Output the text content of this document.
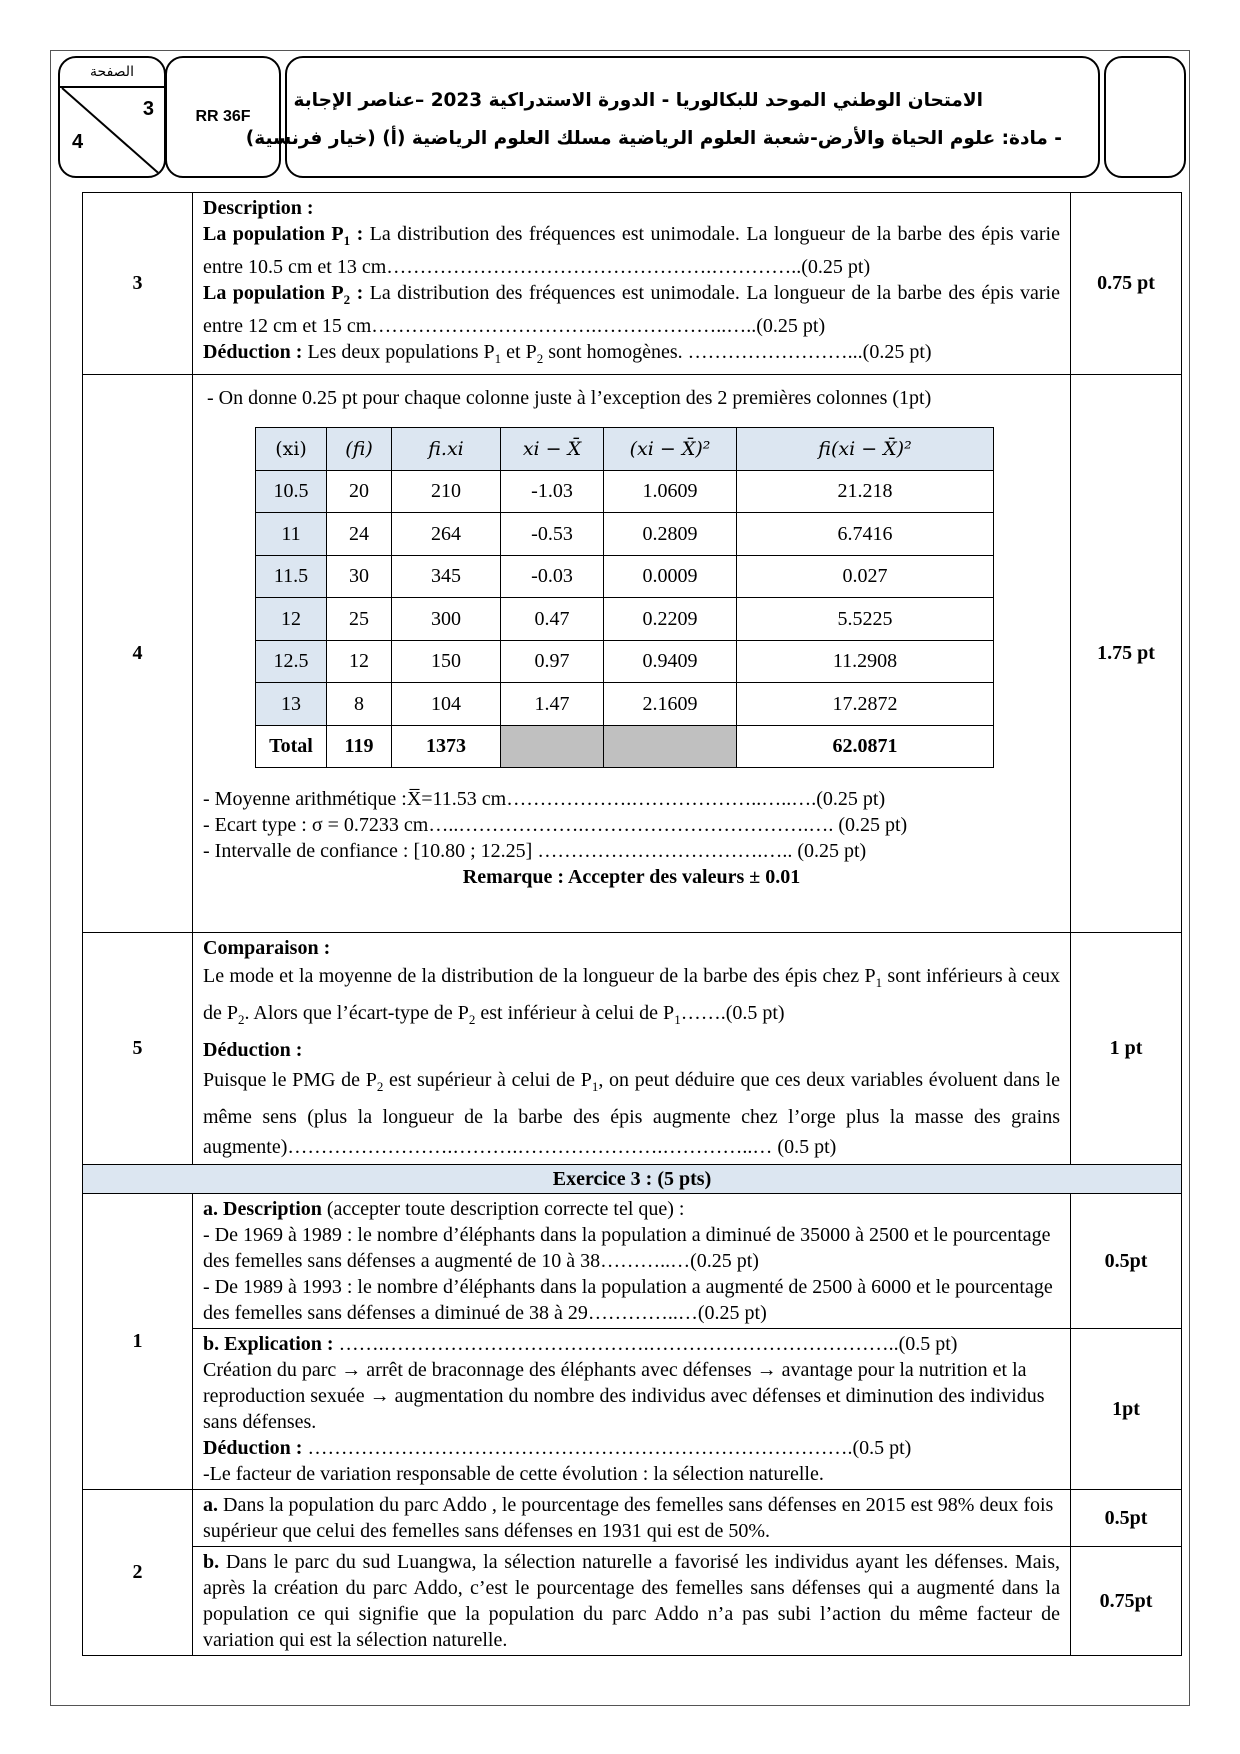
الصفحة
3
4
RR 36F
الامتحان الوطني الموحد للبكالوريا - الدورة الاستدراكية 2023 –عناصر الإجابة
- مادة: علوم الحياة والأرض-شعبة العلوم الرياضية مسلك العلوم الرياضية (أ) (خيار فرنسية)
3	
Description :
La population $P_1$ : La distribution des fréquences est unimodale. La longueur de la barbe des épis varie entre 10.5 cm et 13 cm………………………………………….…………..(0.25 pt)
La population $P_2$ : La distribution des fréquences est unimodale. La longueur de la barbe des épis varie entre 12 cm et 15 cm…………………………….………………..…..(0.25 pt)
Déduction : Les deux populations $P_1$ et $P_2$ sont homogènes. ……………………...(0.25 pt)
	0.75 pt
4	
- On donne 0.25 pt pour chaque colonne juste à l’exception des 2 premières colonnes (1pt)
(xi)	(fi)	fi.xi	xi − X̄	(xi − X̄)²	fi(xi − X̄)²
10.5	20	210	-1.03	1.0609	21.218
11	24	264	-0.53	0.2809	6.7416
11.5	30	345	-0.03	0.0009	0.027
12	25	300	0.47	0.2209	5.5225
12.5	12	150	0.97	0.9409	11.2908
13	8	104	1.47	2.1609	17.2872
Total	119	1373			62.0871
- Moyenne arithmétique :X̅=11.53 cm……………….………………..…..….(0.25 pt)
- Ecart type : σ = 0.7233 cm…..……………….…………………………….…. (0.25 pt)
- Intervalle de confiance : [10.80 ; 12.25] …………………………….….. (0.25 pt)
Remarque : Accepter des valeurs ± 0.01
	1.75 pt
5	
Comparaison :
Le mode et la moyenne de la distribution de la longueur de la barbe des épis chez $P_1$ sont inférieurs à ceux de $P_2$. Alors que l’écart-type de $P_2$ est inférieur à celui de $P_1\dots\dots.(0.5$ pt)
Déduction :
Puisque le PMG de $P_2$ est supérieur à celui de $P_1$, on peut déduire que ces deux variables évoluent dans le même sens (plus la longueur de la barbe des épis augmente chez l’orge plus la masse des grains augmente)…………………….……….………………….…………..… (0.5 pt)
	1 pt
Exercice 3 : (5 pts)
1	
a. Description (accepter toute description correcte tel que) :
- De 1969 à 1989 : le nombre d’éléphants dans la population a diminué de 35000 à 2500 et le pourcentage des femelles sans défenses a augmenté de 10 à 38………..…(0.25 pt)
- De 1989 à 1993 : le nombre d’éléphants dans la population a augmenté de 2500 à 6000 et le pourcentage des femelles sans défenses a diminué de 38 à 29…………..…(0.25 pt)
	0.5pt

b. Explication : …….………………………………….………………………………..(0.5 pt)
Création du parc → arrêt de braconnage des éléphants avec défenses → avantage pour la nutrition et la reproduction sexuée → augmentation du nombre des individus avec défenses et diminution des individus sans défenses.
Déduction : ……………………………………………………………………….(0.5 pt)
-Le facteur de variation responsable de cette évolution : la sélection naturelle.
	1pt
2	
a. Dans la population du parc Addo , le pourcentage des femelles sans défenses en 2015 est 98% deux fois supérieur que celui des femelles sans défenses en 1931 qui est de 50%.
	0.5pt

b. Dans le parc du sud Luangwa, la sélection naturelle a favorisé les individus ayant les défenses. Mais, après la création du parc Addo, c’est le pourcentage des femelles sans défenses qui a augmenté dans la population ce qui signifie que la population du parc Addo n’a pas subi l’action du même facteur de variation qui est la sélection naturelle.
	0.75pt
